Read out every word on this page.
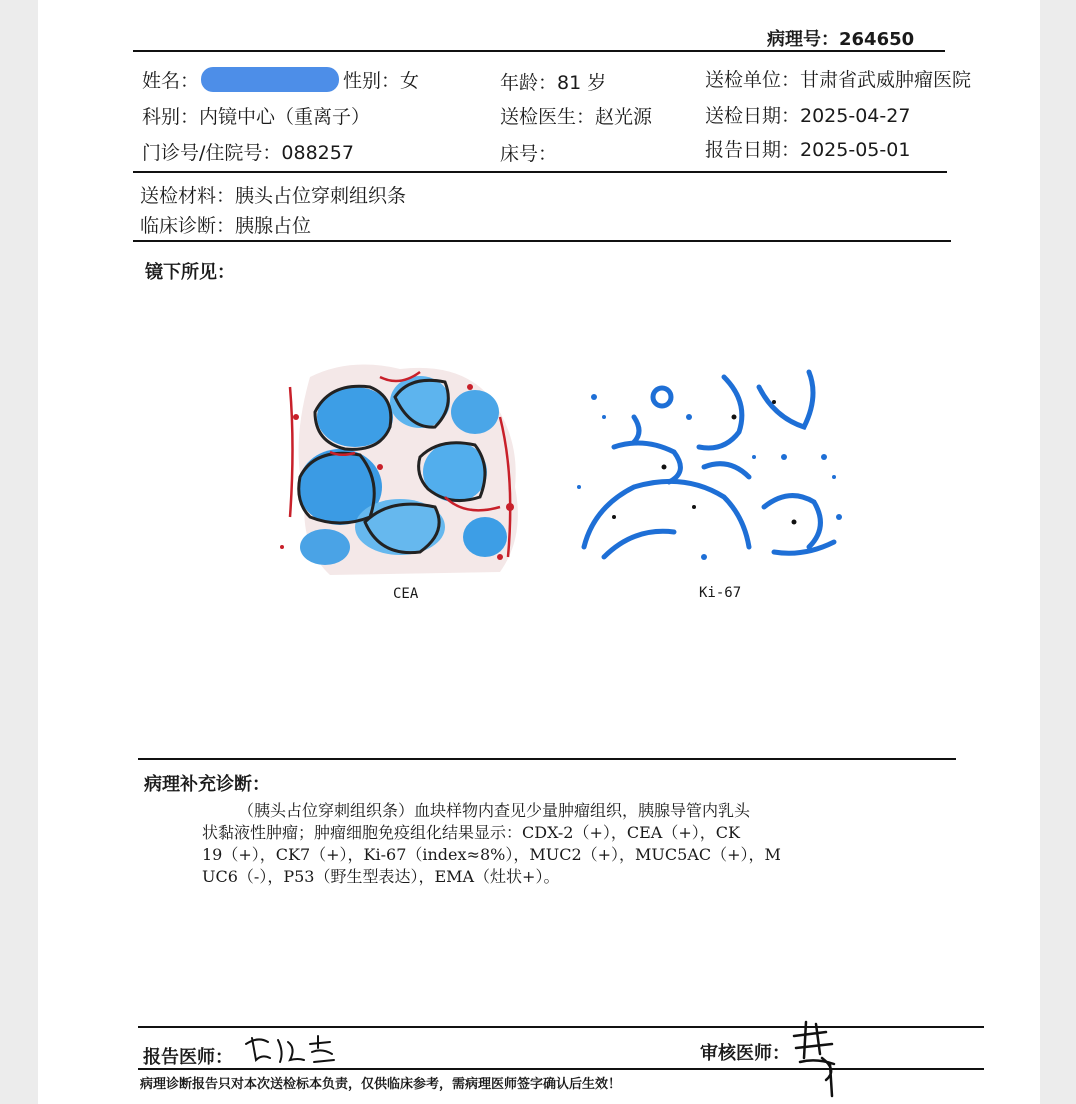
病理号：264650
姓名：	性别：女	年龄：81 岁	送检单位：甘肃省武威肿瘤医院
科别：内镜中心（重离子）	送检医生：赵光源	送检日期：2025-04-27
门诊号/住院号：088257	床号：	报告日期：2025-05-01
送检材料：胰头占位穿刺组织条
临床诊断：胰腺占位
镜下所见：
CEA	Ki-67
病理补充诊断：
（胰头占位穿刺组织条）血块样物内查见少量肿瘤组织，胰腺导管内乳头
状黏液性肿瘤；肿瘤细胞免疫组化结果显示：CDX-2（+），CEA（+），CK
19（+），CK7（+），Ki-67（index≈8%），MUC2（+），MUC5AC（+），M
UC6（-），P53（野生型表达），EMA（灶状+）。
报告医师：	审核医师：
病理诊断报告只对本次送检标本负责，仅供临床参考，需病理医师签字确认后生效！
